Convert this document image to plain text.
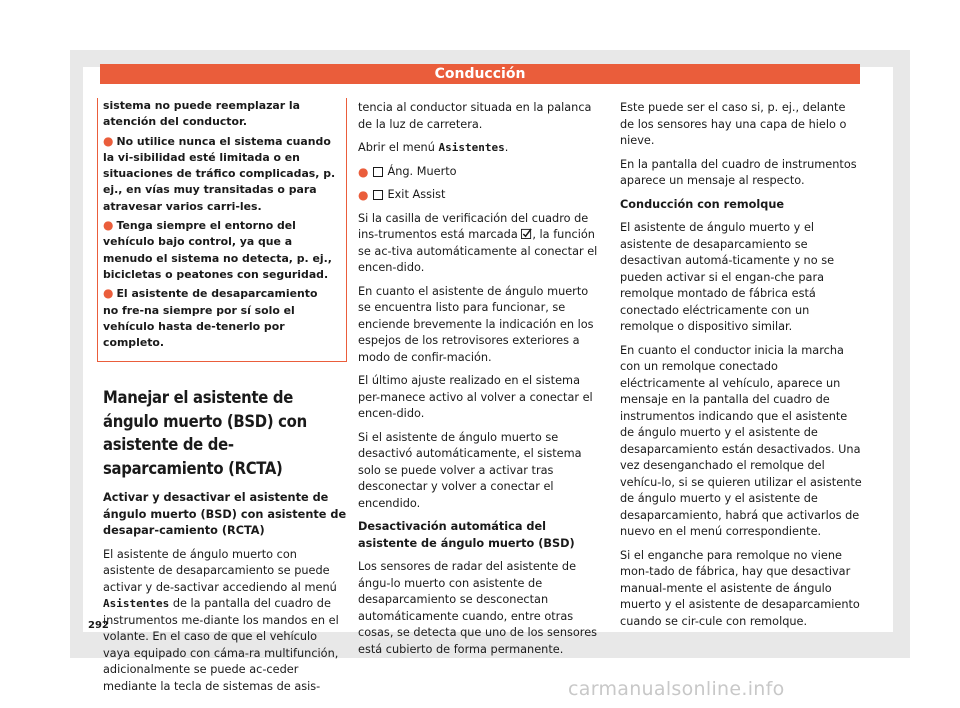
Conducción

sistema no puede reemplazar la atención del conductor.

● No utilice nunca el sistema cuando la vi-sibilidad esté limitada o en situaciones de tráfico complicadas, p. ej., en vías muy transitadas o para atravesar varios carri-les.

● Tenga siempre el entorno del vehículo bajo control, ya que a menudo el sistema no detecta, p. ej., bicicletas o peatones con seguridad.

● El asistente de desaparcamiento no fre-na siempre por sí solo el vehículo hasta de-tenerlo por completo.

Manejar el asistente de ángulo muerto (BSD) con asistente de de-saparcamiento (RCTA)

Activar y desactivar el asistente de ángulo muerto (BSD) con asistente de desapar-camiento (RCTA)

El asistente de ángulo muerto con asistente de desaparcamiento se puede activar y de-sactivar accediendo al menú Asistentes de la pantalla del cuadro de instrumentos me-diante los mandos en el volante. En el caso de que el vehículo vaya equipado con cáma-ra multifunción, adicionalmente se puede ac-ceder mediante la tecla de sistemas de asis-

tencia al conductor situada en la palanca de la luz de carretera.

Abrir el menú Asistentes.

● Áng. Muerto
● Exit Assist

Si la casilla de verificación del cuadro de ins-trumentos está marcada , la función se ac-tiva automáticamente al conectar el encen-dido.

En cuanto el asistente de ángulo muerto se encuentra listo para funcionar, se enciende brevemente la indicación en los espejos de los retrovisores exteriores a modo de confir-mación.

El último ajuste realizado en el sistema per-manece activo al volver a conectar el encen-dido.

Si el asistente de ángulo muerto se desactivó automáticamente, el sistema solo se puede volver a activar tras desconectar y volver a conectar el encendido.

Desactivación automática del asistente de ángulo muerto (BSD)

Los sensores de radar del asistente de ángu-lo muerto con asistente de desaparcamiento se desconectan automáticamente cuando, entre otras cosas, se detecta que uno de los sensores está cubierto de forma permanente.

Este puede ser el caso si, p. ej., delante de los sensores hay una capa de hielo o nieve.

En la pantalla del cuadro de instrumentos aparece un mensaje al respecto.

Conducción con remolque

El asistente de ángulo muerto y el asistente de desaparcamiento se desactivan automá-ticamente y no se pueden activar si el engan-che para remolque montado de fábrica está conectado eléctricamente con un remolque o dispositivo similar.

En cuanto el conductor inicia la marcha con un remolque conectado eléctricamente al vehículo, aparece un mensaje en la pantalla del cuadro de instrumentos indicando que el asistente de ángulo muerto y el asistente de desaparcamiento están desactivados. Una vez desenganchado el remolque del vehícu-lo, si se quieren utilizar el asistente de ángulo muerto y el asistente de desaparcamiento, habrá que activarlos de nuevo en el menú correspondiente.

Si el enganche para remolque no viene mon-tado de fábrica, hay que desactivar manual-mente el asistente de ángulo muerto y el asistente de desaparcamiento cuando se cir-cule con remolque.

292
carmanualsonline.info
